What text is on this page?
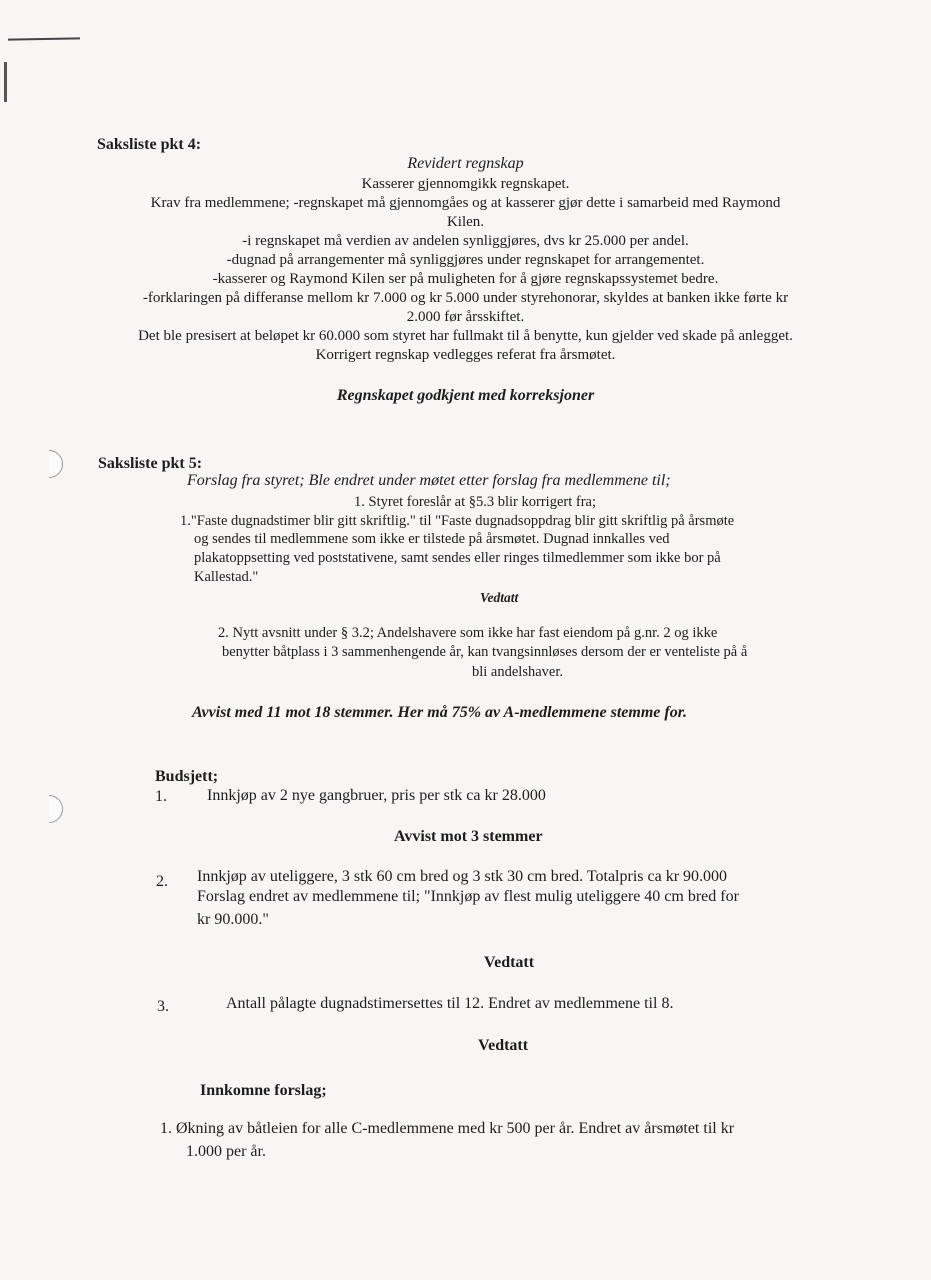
Saksliste pkt 4:
Revidert regnskap
Kasserer gjennomgikk regnskapet.
Krav fra medlemmene; -regnskapet må gjennomgåes og at kasserer gjør dette i samarbeid med Raymond
Kilen.
-i regnskapet må verdien av andelen synliggjøres, dvs kr 25.000 per andel.
-dugnad på arrangementer må synliggjøres under regnskapet for arrangementet.
-kasserer og Raymond Kilen ser på muligheten for å gjøre regnskapssystemet bedre.
-forklaringen på differanse mellom kr 7.000 og kr 5.000 under styrehonorar, skyldes at banken ikke førte kr
2.000 før årsskiftet.
Det ble presisert at beløpet kr 60.000 som styret har fullmakt til å benytte, kun gjelder ved skade på anlegget.
Korrigert regnskap vedlegges referat fra årsmøtet.
Regnskapet godkjent med korreksjoner
Saksliste pkt 5:
Forslag fra styret; Ble endret under møtet etter forslag fra medlemmene til;
1. Styret foreslår at §5.3 blir korrigert fra;
1."Faste dugnadstimer blir gitt skriftlig." til "Faste dugnadsoppdrag blir gitt skriftlig på årsmøte
og sendes til medlemmene som ikke er tilstede på årsmøtet. Dugnad innkalles ved
plakatoppsetting ved poststativene, samt sendes eller ringes tilmedlemmer som ikke bor på
Kallestad."
Vedtatt
2. Nytt avsnitt under § 3.2; Andelshavere som ikke har fast eiendom på g.nr. 2 og ikke
benytter båtplass i 3 sammenhengende år, kan tvangsinnløses dersom der er venteliste på å
bli andelshaver.
Avvist med 11 mot 18 stemmer. Her må 75% av A-medlemmene stemme for.
Budsjett;
1.	Innkjøp av 2 nye gangbruer, pris per stk ca kr 28.000
Avvist mot 3 stemmer
2. Innkjøp av uteliggere, 3 stk 60 cm bred og 3 stk 30 cm bred. Totalpris ca kr 90.000
Forslag endret av medlemmene til; "Innkjøp av flest mulig uteliggere 40 cm bred for
kr 90.000."
Vedtatt
3.	Antall pålagte dugnadstimersettes til 12. Endret av medlemmene til 8.
Vedtatt
Innkomne forslag;
1. Økning av båtleien for alle C-medlemmene med kr 500 per år. Endret av årsmøtet til kr
1.000 per år.
